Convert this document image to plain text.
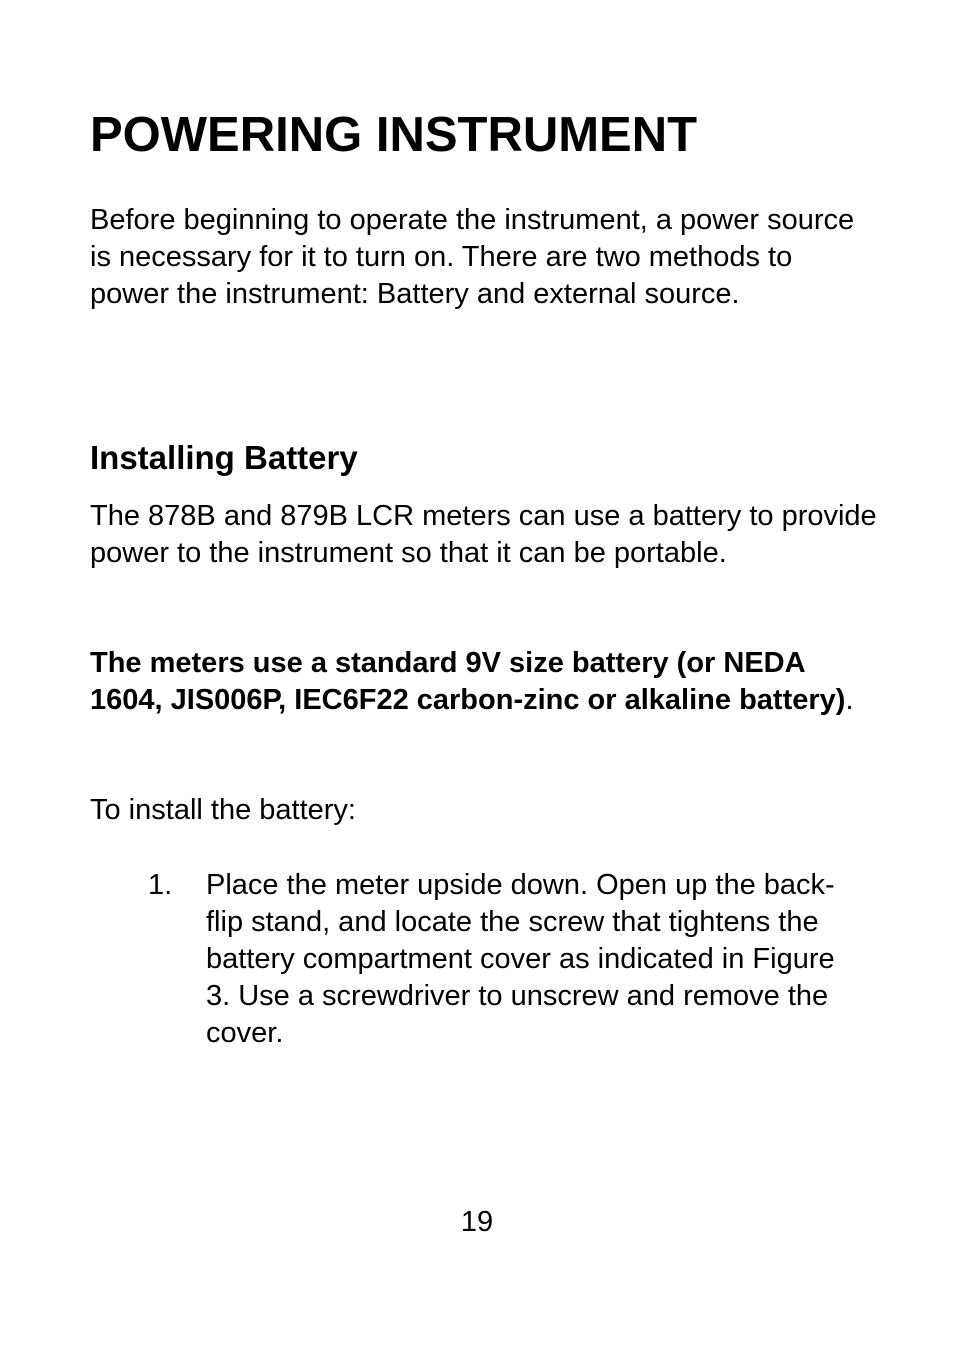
POWERING INSTRUMENT

Before beginning to operate the instrument, a power source is necessary for it to turn on. There are two methods to power the instrument: Battery and external source.

Installing Battery

The 878B and 879B LCR meters can use a battery to provide power to the instrument so that it can be portable.

The meters use a standard 9V size battery (or NEDA 1604, JIS006P, IEC6F22 carbon-zinc or alkaline battery).

To install the battery:

1.	Place the meter upside down. Open up the back-flip stand, and locate the screw that tightens the battery compartment cover as indicated in Figure 3. Use a screwdriver to unscrew and remove the cover.

19
